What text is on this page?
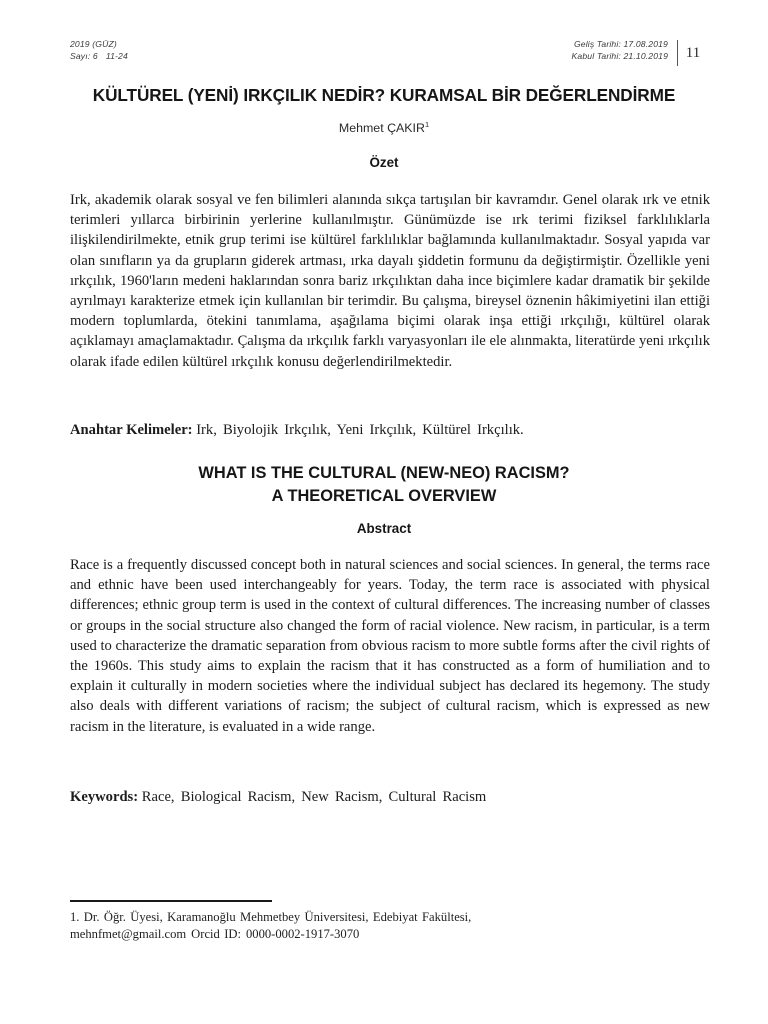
2019 (GÜZ)
Sayı: 6 11-24
Geliş Tarihi: 17.08.2019
Kabul Tarihi: 21.10.2019	11
KÜLTÜREL (YENİ) IRKÇILIK NEDİR? KURAMSAL BİR DEĞERLENDİRME
Mehmet ÇAKIR$^1$
Özet

Irk, akademik olarak sosyal ve fen bilimleri alanında sıkça tartışılan bir kavramdır. Genel olarak ırk ve etnik terimleri yıllarca birbirinin yerlerine kullanılmıştır. Günümüzde ise ırk terimi fiziksel farklılıklarla ilişkilendirilmekte, etnik grup terimi ise kültürel farklılıklar bağlamında kullanılmaktadır. Sosyal yapıda var olan sınıfların ya da grupların giderek artması, ırka dayalı şiddetin formunu da değiştirmiştir. Özellikle yeni ırkçılık, 1960'ların medeni haklarından sonra bariz ırkçılıktan daha ince biçimlere kadar dramatik bir şekilde ayrılmayı karakterize etmek için kullanılan bir terimdir. Bu çalışma, bireysel öznenin hâkimiyetini ilan ettiği modern toplumlarda, ötekini tanımlama, aşağılama biçimi olarak inşa ettiği ırkçılığı, kültürel olarak açıklamayı amaçlamaktadır. Çalışma da ırkçılık farklı varyasyonları ile ele alınmakta, literatürde yeni ırkçılık olarak ifade edilen kültürel ırkçılık konusu değerlendirilmektedir.

Anahtar Kelimeler: Irk, Biyolojik Irkçılık, Yeni Irkçılık, Kültürel Irkçılık.

WHAT IS THE CULTURAL (NEW-NEO) RACISM?
A THEORETICAL OVERVIEW
Abstract

Race is a frequently discussed concept both in natural sciences and social sciences. In general, the terms race and ethnic have been used interchangeably for years. Today, the term race is associated with physical differences; ethnic group term is used in the context of cultural differences. The increasing number of classes or groups in the social structure also changed the form of racial violence. New racism, in particular, is a term used to characterize the dramatic separation from obvious racism to more subtle forms after the civil rights of the 1960s. This study aims to explain the racism that it has constructed as a form of humiliation and to explain it culturally in modern societies where the individual subject has declared its hegemony. The study also deals with different variations of racism; the subject of cultural racism, which is expressed as new racism in the literature, is evaluated in a wide range.

Keywords: Race, Biological Racism, New Racism, Cultural Racism

1. Dr. Öğr. Üyesi, Karamanoğlu Mehmetbey Üniversitesi, Edebiyat Fakültesi,

mehnfmet@gmail.com Orcid ID: 0000-0002-1917-3070
